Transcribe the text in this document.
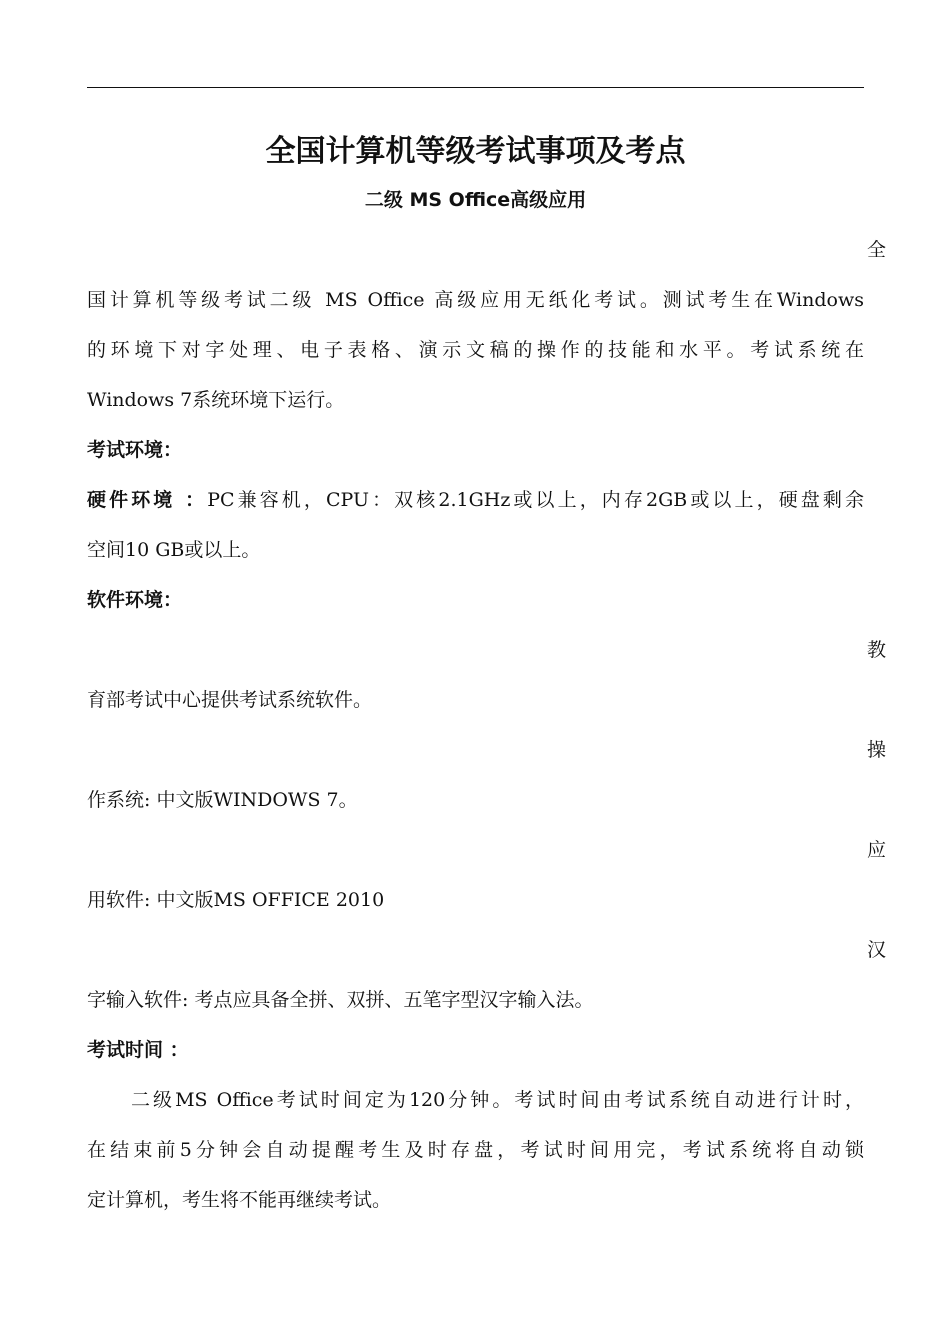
全国计算机等级考试事项及考点
二级 MS Office高级应用
全
国计算机等级考试二级 MS Office 高级应用无纸化考试。测试考生在Windows
的环境下对字处理、电子表格、演示文稿的操作的技能和水平。考试系统在
Windows 7系统环境下运行。
考试环境：
硬件环境 ：PC兼容机，CPU：双核2.1GHz或以上，内存2GB或以上，硬盘剩余
空间10 GB或以上。
软件环境：
教
育部考试中心提供考试系统软件。
操
作系统: 中文版WINDOWS 7。
应
用软件: 中文版MS OFFICE 2010
汉
字输入软件: 考点应具备全拼、双拼、五笔字型汉字输入法。
考试时间 ：
二级MS Office考试时间定为120分钟。考试时间由考试系统自动进行计时，
在结束前5分钟会自动提醒考生及时存盘，考试时间用完，考试系统将自动锁
定计算机，考生将不能再继续考试。
